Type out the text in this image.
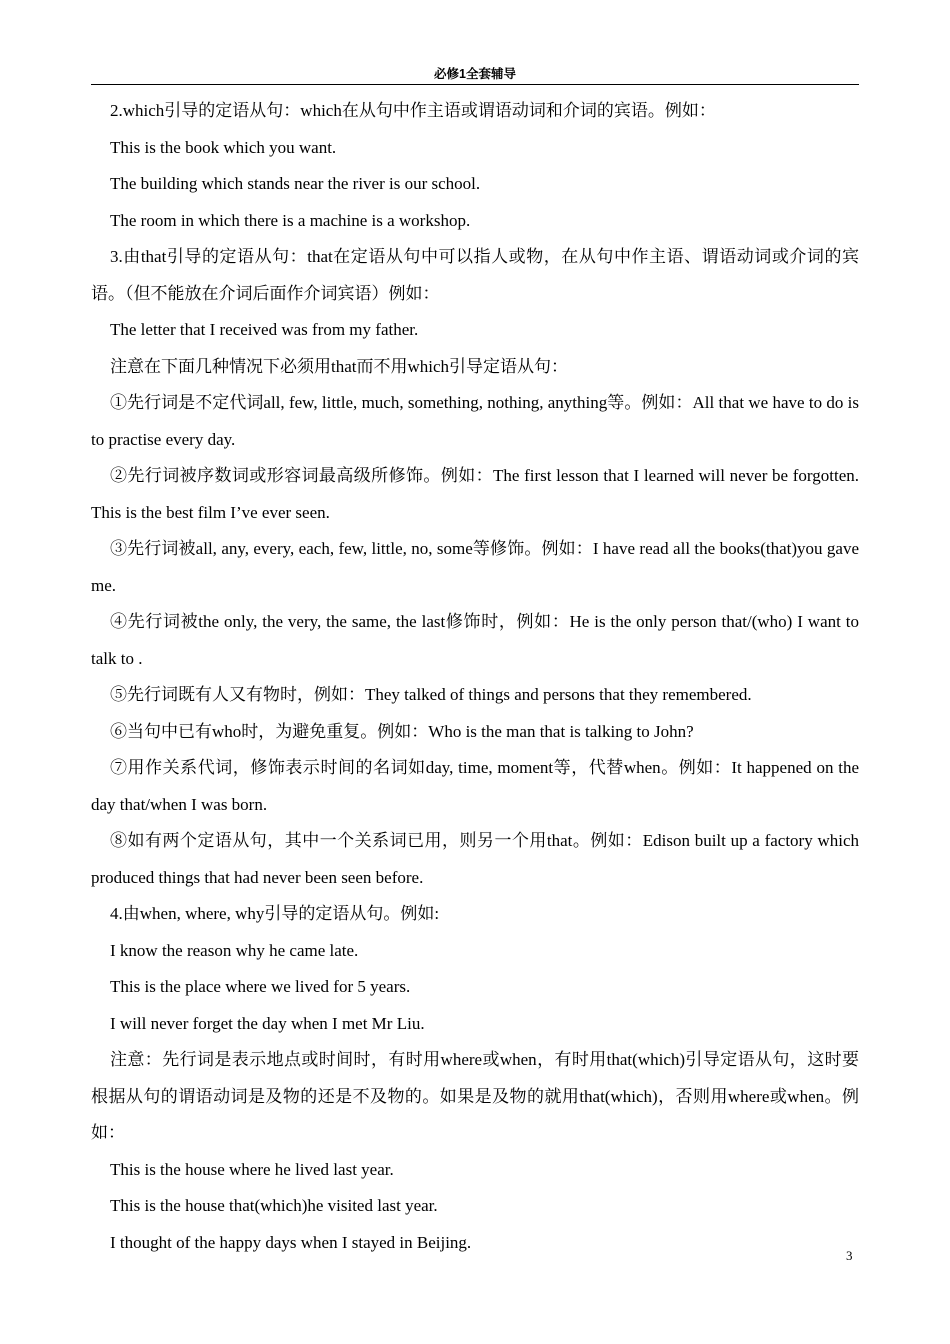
必修1全套辅导

2.which引导的定语从句：which在从句中作主语或谓语动词和介词的宾语。例如：

This is the book which you want.

The building which stands near the river is our school.

The room in which there is a machine is a workshop.

3.由that引导的定语从句：that在定语从句中可以指人或物，在从句中作主语、谓语动词或介词的宾语。（但不能放在介词后面作介词宾语）例如：

The letter that I received was from my father.

注意在下面几种情况下必须用that而不用which引导定语从句：

①先行词是不定代词all, few, little, much, something, nothing, anything等。例如：All that we have to do is to practise every day.

②先行词被序数词或形容词最高级所修饰。例如：The first lesson that I learned will never be forgotten. This is the best film I’ve ever seen.

③先行词被all, any, every, each, few, little, no, some等修饰。例如：I have read all the books(that)you gave me.

④先行词被the only, the very, the same, the last修饰时，例如：He is the only person that/(who) I want to talk to .

⑤先行词既有人又有物时，例如：They talked of things and persons that they remembered.

⑥当句中已有who时，为避免重复。例如：Who is the man that is talking to John?

⑦用作关系代词，修饰表示时间的名词如day, time, moment等，代替when。例如：It happened on the day that/when I was born.

⑧如有两个定语从句，其中一个关系词已用，则另一个用that。例如：Edison built up a factory which produced things that had never been seen before.

4.由when, where, why引导的定语从句。例如:

I know the reason why he came late.

This is the place where we lived for 5 years.

I will never forget the day when I met Mr Liu.

注意：先行词是表示地点或时间时，有时用where或when，有时用that(which)引导定语从句，这时要根据从句的谓语动词是及物的还是不及物的。如果是及物的就用that(which)，否则用where或when。例如：

This is the house where he lived last year.

This is the house that(which)he visited last year.

I thought of the happy days when I stayed in Beijing.

3
